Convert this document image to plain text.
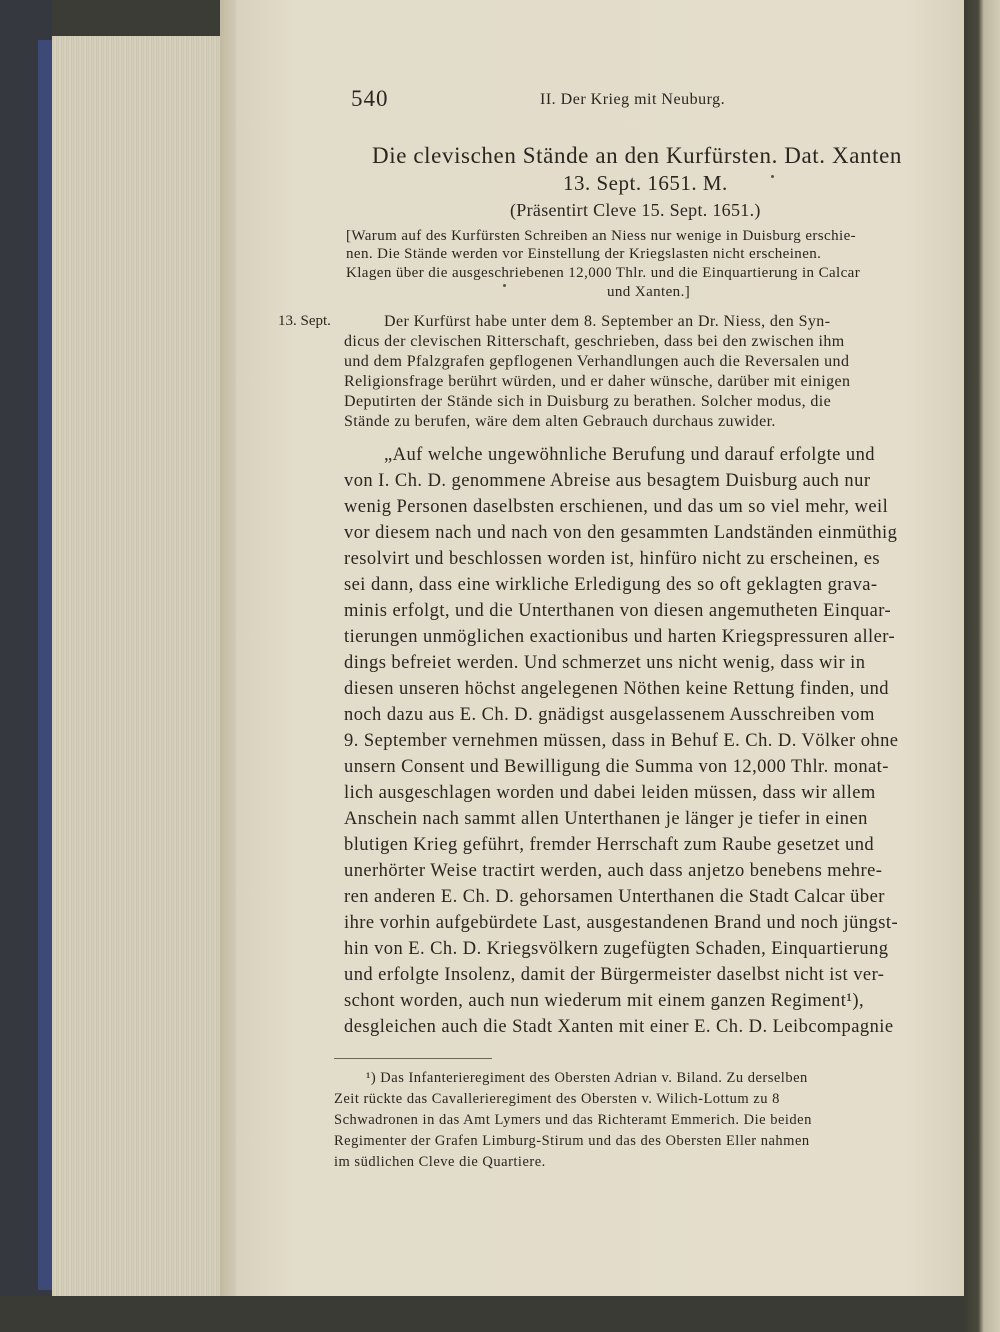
540	II. Der Krieg mit Neuburg.
Die clevischen Stände an den Kurfürsten. Dat. Xanten
13. Sept. 1651. M.
(Präsentirt Cleve 15. Sept. 1651.)
[Warum auf des Kurfürsten Schreiben an Niess nur wenige in Duisburg erschie-
nen. Die Stände werden vor Einstellung der Kriegslasten nicht erscheinen.
Klagen über die ausgeschriebenen 12,000 Thlr. und die Einquartierung in Calcar
und Xanten.]
13. Sept.	Der Kurfürst habe unter dem 8. September an Dr. Niess, den Syn-
dicus der clevischen Ritterschaft, geschrieben, dass bei den zwischen ihm
und dem Pfalzgrafen gepflogenen Verhandlungen auch die Reversalen und
Religionsfrage berührt würden, und er daher wünsche, darüber mit einigen
Deputirten der Stände sich in Duisburg zu berathen. Solcher modus, die
Stände zu berufen, wäre dem alten Gebrauch durchaus zuwider.
„Auf welche ungewöhnliche Berufung und darauf erfolgte und
von I. Ch. D. genommene Abreise aus besagtem Duisburg auch nur
wenig Personen daselbsten erschienen, und das um so viel mehr, weil
vor diesem nach und nach von den gesammten Landständen einmüthig
resolvirt und beschlossen worden ist, hinfüro nicht zu erscheinen, es
sei dann, dass eine wirkliche Erledigung des so oft geklagten grava-
minis erfolgt, und die Unterthanen von diesen angemutheten Einquar-
tierungen unmöglichen exactionibus und harten Kriegspressuren aller-
dings befreiet werden. Und schmerzet uns nicht wenig, dass wir in
diesen unseren höchst angelegenen Nöthen keine Rettung finden, und
noch dazu aus E. Ch. D. gnädigst ausgelassenem Ausschreiben vom
9. September vernehmen müssen, dass in Behuf E. Ch. D. Völker ohne
unsern Consent und Bewilligung die Summa von 12,000 Thlr. monat-
lich ausgeschlagen worden und dabei leiden müssen, dass wir allem
Anschein nach sammt allen Unterthanen je länger je tiefer in einen
blutigen Krieg geführt, fremder Herrschaft zum Raube gesetzet und
unerhörter Weise tractirt werden, auch dass anjetzo benebens mehre-
ren anderen E. Ch. D. gehorsamen Unterthanen die Stadt Calcar über
ihre vorhin aufgebürdete Last, ausgestandenen Brand und noch jüngst-
hin von E. Ch. D. Kriegsvölkern zugefügten Schaden, Einquartierung
und erfolgte Insolenz, damit der Bürgermeister daselbst nicht ist ver-
schont worden, auch nun wiederum mit einem ganzen Regiment¹),
desgleichen auch die Stadt Xanten mit einer E. Ch. D. Leibcompagnie
¹) Das Infanterieregiment des Obersten Adrian v. Biland. Zu derselben
Zeit rückte das Cavallerieregiment des Obersten v. Wilich-Lottum zu 8
Schwadronen in das Amt Lymers und das Richteramt Emmerich. Die beiden
Regimenter der Grafen Limburg-Stirum und das des Obersten Eller nahmen
im südlichen Cleve die Quartiere.
